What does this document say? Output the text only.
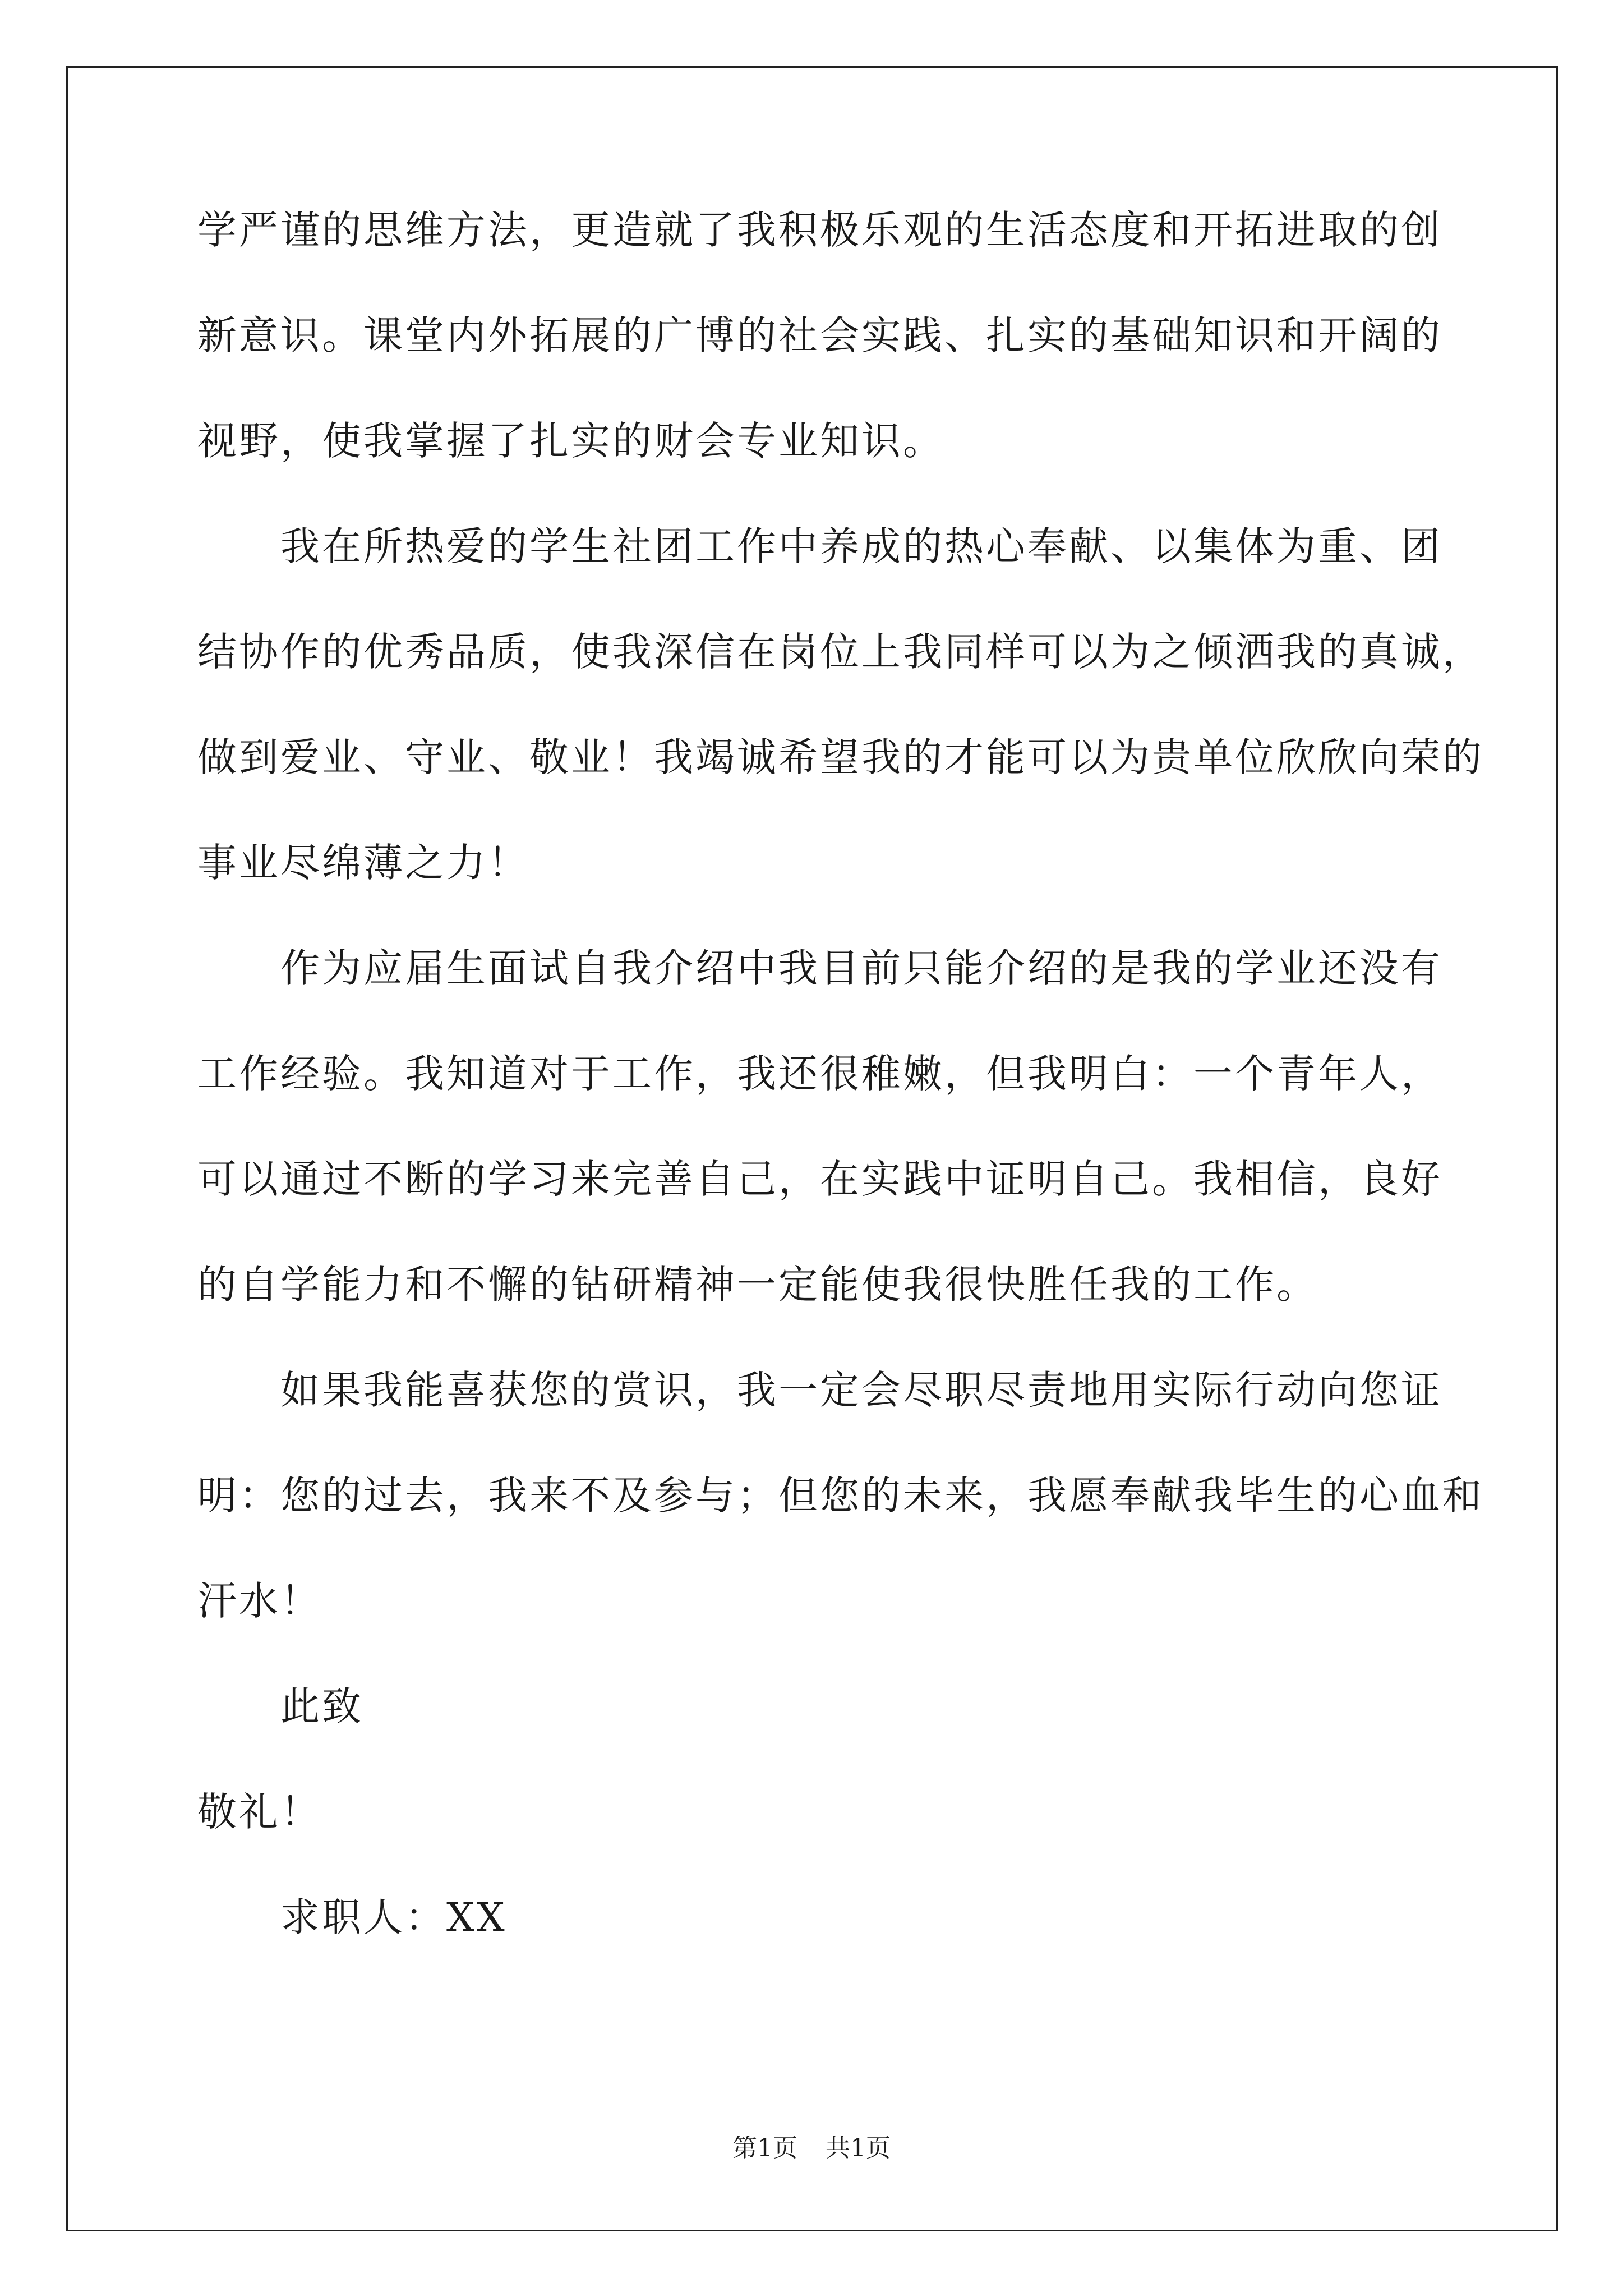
学严谨的思维方法，更造就了我积极乐观的生活态度和开拓进取的创
新意识。课堂内外拓展的广博的社会实践、扎实的基础知识和开阔的
视野，使我掌握了扎实的财会专业知识。
我在所热爱的学生社团工作中养成的热心奉献、以集体为重、团
结协作的优秀品质，使我深信在岗位上我同样可以为之倾洒我的真诚，
做到爱业、守业、敬业！我竭诚希望我的才能可以为贵单位欣欣向荣的
事业尽绵薄之力！
作为应届生面试自我介绍中我目前只能介绍的是我的学业还没有
工作经验。我知道对于工作，我还很稚嫩，但我明白：一个青年人，
可以通过不断的学习来完善自己，在实践中证明自己。我相信，良好
的自学能力和不懈的钻研精神一定能使我很快胜任我的工作。
如果我能喜获您的赏识，我一定会尽职尽责地用实际行动向您证
明：您的过去，我来不及参与；但您的未来，我愿奉献我毕生的心血和
汗水！
此致
敬礼！
求职人：XX
第1页 共1页
